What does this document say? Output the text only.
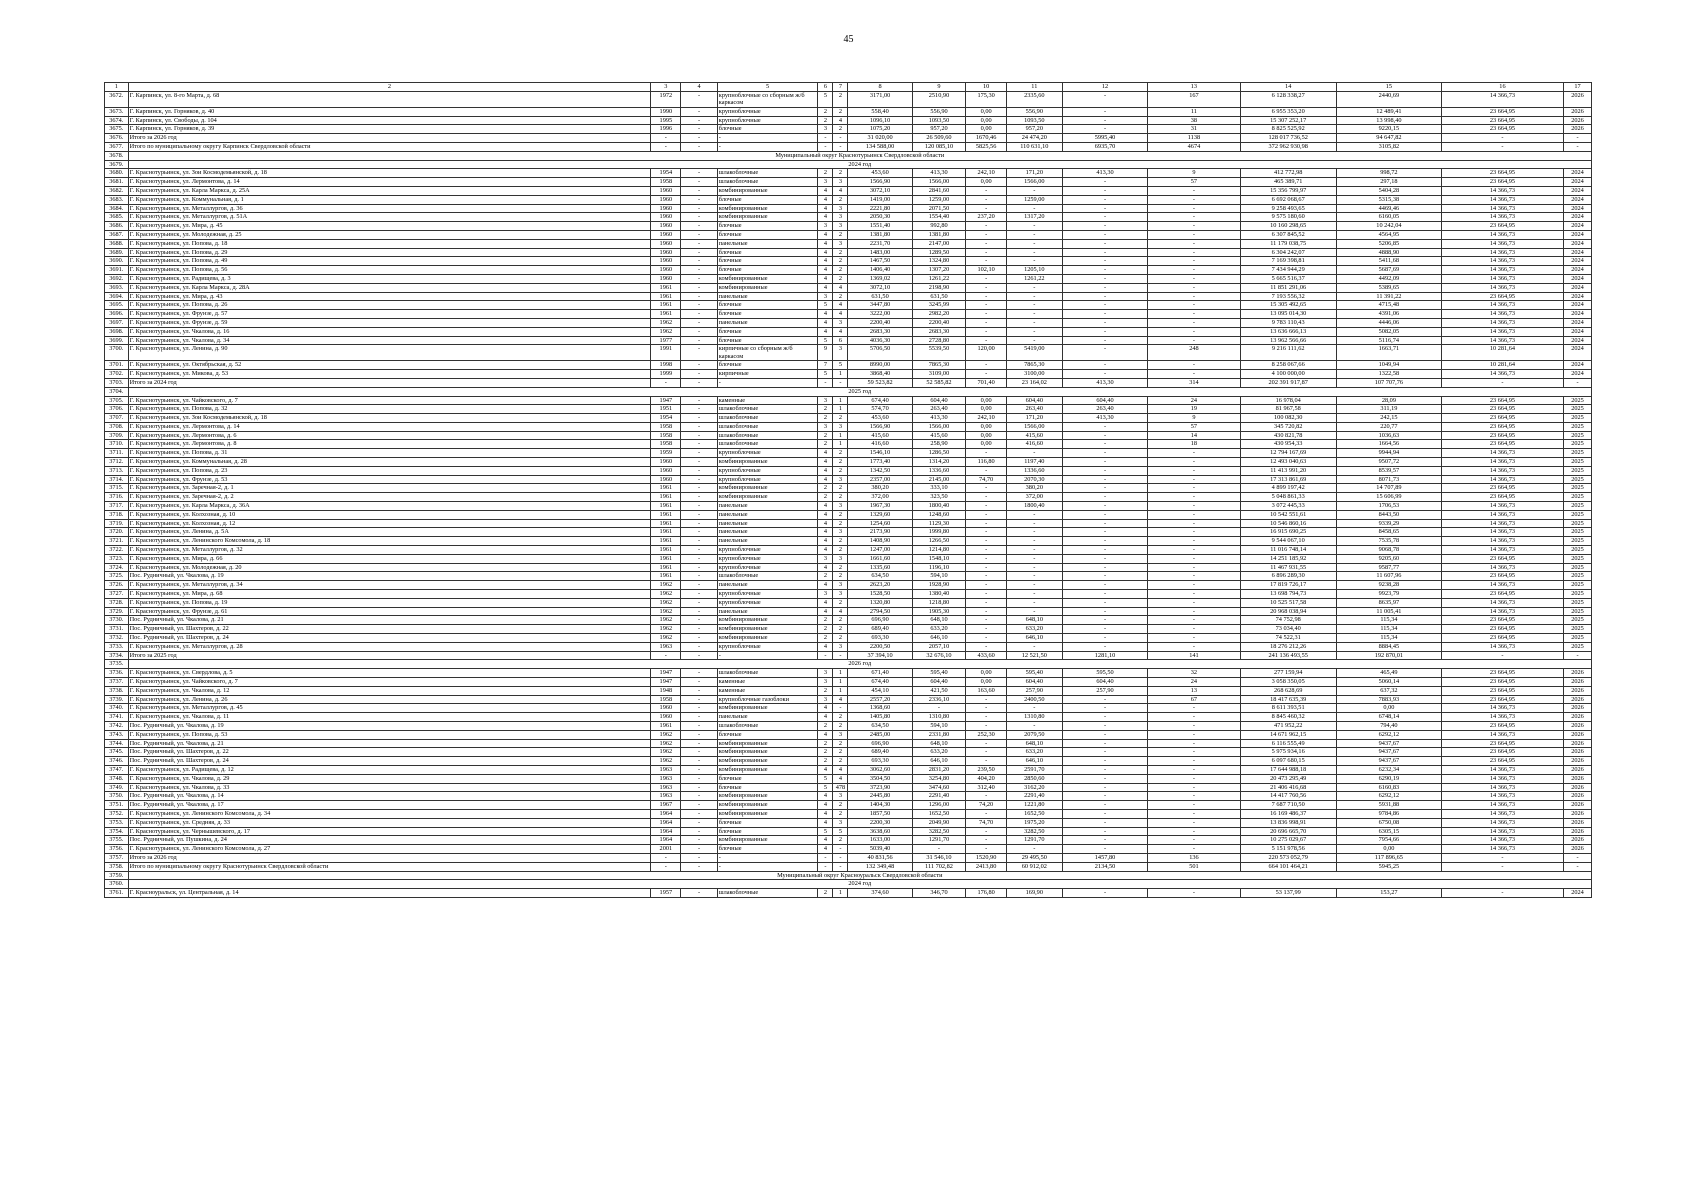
45
1	2	3	4	5	6	7	8	9	10	11	12	13	14	15	16	17
3672.	Г. Карпинск, ул. 8-го Марта, д. 68	1972	-	крупноблочные со сборным ж/б каркасом	5	2	3171,00	2510,90	175,30	2335,60	-	167	6 128 338,27	2440,69	14 366,73	2026
3673.	Г. Карпинск, ул. Горняков, д. 40	1990	-	крупноблочные	2	2	558,40	556,90	0,00	556,90	-	11	6 955 353,20	12 489,41	23 664,95	2026
3674.	Г. Карпинск, ул. Свободы, д. 104	1995	-	крупноблочные	2	4	1096,10	1093,50	0,00	1093,50	-	38	15 307 252,17	13 998,40	23 664,95	2026
3675.	Г. Карпинск, ул. Горняков, д. 39	1996	-	блочные	3	2	1075,20	957,20	0,00	957,20	-	31	8 825 525,92	9220,15	23 664,95	2026
3676.	Итого за 2026 год	-	-	-	-	-	31 020,00	26 509,60	1670,46	24 474,20	5995,40	1138	128 017 736,52	94 647,82	-	-
3677.	Итого по муниципальному округу Карпинск Свердловской области	-	-	-	-	-	134 588,00	120 085,10	5825,56	110 631,10	6935,70	4674	372 962 930,98	3105,82	-	-
3678.	Муниципальный округ Краснотурьинск Свердловской области															
3679.	2024 год															
3680.	Г. Краснотурьинск, ул. Зои Космодемьянской, д. 18	1954	-	шлакоблочные	2	2	453,60	413,30	242,10	171,20	413,30	9	412 772,98	998,72	23 664,95	2024
3681.	Г. Краснотурьинск, ул. Лермонтова, д. 14	1958	-	шлакоблочные	3	3	1566,90	1566,00	0,00	1566,00	-	57	465 389,71	297,18	23 664,95	2024
3682.	Г. Краснотурьинск, ул. Карла Маркса, д. 25А	1960	-	комбинированные	4	4	3072,10	2841,60	-	-	-	-	15 356 799,97	5404,28	14 366,73	2024
3683.	Г. Краснотурьинск, ул. Коммунальная, д. 1	1960	-	блочные	4	2	1419,00	1259,00	-	1259,00	-	-	6 692 068,67	5315,38	14 366,73	2024
3684.	Г. Краснотурьинск, ул. Металлургов, д. 36	1960	-	комбинированные	4	3	2221,80	2071,50	-	-	-	-	9 258 493,65	4469,46	14 366,73	2024
3685.	Г. Краснотурьинск, ул. Металлургов, д. 51А	1960	-	комбинированные	4	3	2050,30	1554,40	237,20	1317,20	-	-	9 575 180,60	6160,05	14 366,73	2024
3686.	Г. Краснотурьинск, ул. Мира, д. 45	1960	-	блочные	3	3	1551,40	992,80	-	-	-	-	10 160 298,65	10 242,04	23 664,95	2024
3687.	Г. Краснотурьинск, ул. Молодежная, д. 25	1960	-	блочные	4	2	1381,80	1381,80	-	-	-	-	6 307 845,52	4564,95	14 366,73	2024
3688.	Г. Краснотурьинск, ул. Попова, д. 18	1960	-	панельные	4	3	2231,70	2147,00	-	-	-	-	11 179 038,75	5206,85	14 366,73	2024
3689.	Г. Краснотурьинск, ул. Попова, д. 29	1960	-	блочные	4	2	1483,00	1289,50	-	-	-	-	6 304 242,07	4888,90	14 366,73	2024
3690.	Г. Краснотурьинск, ул. Попова, д. 49	1960	-	блочные	4	2	1467,50	1324,80	-	-	-	-	7 169 398,81	5411,68	14 366,73	2024
3691.	Г. Краснотурьинск, ул. Попова, д. 56	1960	-	блочные	4	2	1406,40	1307,20	102,10	1205,10	-	-	7 434 944,29	5687,69	14 366,73	2024
3692.	Г. Краснотурьинск, ул. Радищева, д. 3	1960	-	комбинированные	4	2	1369,02	1261,22	-	1261,22	-	-	5 665 516,37	4492,09	14 366,73	2024
3693.	Г. Краснотурьинск, ул. Карла Маркса, д. 28А	1961	-	комбинированные	4	4	3072,10	2198,90	-	-	-	-	11 851 291,06	5389,65	14 366,73	2024
3694.	Г. Краснотурьинск, ул. Мира, д. 43	1961	-	панельные	3	2	631,50	631,50	-	-	-	-	7 193 556,32	11 391,22	23 664,95	2024
3695.	Г. Краснотурьинск, ул. Попова, д. 26	1961	-	блочные	5	4	3447,80	3245,99	-	-	-	-	15 305 492,65	4715,48	14 366,73	2024
3696.	Г. Краснотурьинск, ул. Фрунзе, д. 57	1961	-	блочные	4	4	3222,00	2982,20	-	-	-	-	13 095 014,30	4391,06	14 366,73	2024
3697.	Г. Краснотурьинск, ул. Фрунзе, д. 59	1962	-	панельные	4	3	2200,40	2200,40	-	-	-	-	9 783 110,43	4446,06	14 366,73	2024
3698.	Г. Краснотурьинск, ул. Чкалова, д. 16	1962	-	блочные	4	4	2683,30	2683,30	-	-	-	-	13 636 666,13	5082,05	14 366,73	2024
3699.	Г. Краснотурьинск, ул. Чкалова, д. 34	1977	-	блочные	5	6	4036,30	2728,80	-	-	-	-	13 962 566,66	5116,74	14 366,73	2024
3700.	Г. Краснотурьинск, ул. Ленина, д. 90	1991	-	кирпичные со сборным ж/б каркасом	9	3	5706,50	5539,50	120,00	5419,00	-	248	9 216 111,62	1663,71	10 281,64	2024
3701.	Г. Краснотурьинск, ул. Октябрьская, д. 52	1998	-	блочные	7	5	8990,00	7865,30	-	7865,30	-	-	8 258 067,66	1049,94	10 281,64	2024
3702.	Г. Краснотурьинск, ул. Микова, д. 53	1999	-	кирпичные	5	1	3868,40	3109,00	-	3100,00	-	-	4 100 000,00	1322,58	14 366,73	2024
3703.	Итого за 2024 год	-	-	-	-	-	59 523,82	52 585,82	701,40	23 164,02	413,30	314	202 391 917,87	107 707,76	-	-
3704.	2025 год															
3705.	Г. Краснотурьинск, ул. Чайковского, д. 7	1947	-	каменные	3	1	674,40	604,40	0,00	604,40	604,40	24	16 978,04	28,09	23 664,95	2025
3706.	Г. Краснотурьинск, ул. Попова, д. 32	1951	-	шлакоблочные	2	1	574,70	263,40	0,00	263,40	263,40	19	81 967,58	311,19	23 664,95	2025
3707.	Г. Краснотурьинск, ул. Зои Космодемьянской, д. 18	1954	-	шлакоблочные	2	2	453,60	413,30	242,10	171,20	413,30	9	100 082,30	242,15	23 664,95	2025
3708.	Г. Краснотурьинск, ул. Лермонтова, д. 14	1958	-	шлакоблочные	3	3	1566,90	1566,00	0,00	1566,00	-	57	345 720,82	220,77	23 664,95	2025
3709.	Г. Краснотурьинск, ул. Лермонтова, д. 6	1958	-	шлакоблочные	2	1	415,60	415,60	0,00	415,60	-	14	430 821,78	1036,63	23 664,95	2025
3710.	Г. Краснотурьинск, ул. Лермонтова, д. 8	1958	-	шлакоблочные	2	1	416,60	258,90	0,00	416,60	-	18	430 954,33	1664,56	23 664,95	2025
3711.	Г. Краснотурьинск, ул. Попова, д. 31	1959	-	крупноблочные	4	2	1546,10	1286,50	-	-	-	-	12 794 167,69	9944,94	14 366,73	2025
3712.	Г. Краснотурьинск, ул. Коммунальная, д. 28	1960	-	комбинированные	4	2	1773,40	1314,20	116,80	1197,40	-	-	12 493 040,63	9507,72	14 366,73	2025
3713.	Г. Краснотурьинск, ул. Попова, д. 23	1960	-	крупноблочные	4	2	1342,50	1336,60	-	1336,60	-	-	11 413 991,20	8539,57	14 366,73	2025
3714.	Г. Краснотурьинск, ул. Фрунзе, д. 53	1960	-	крупноблочные	4	3	2357,00	2145,00	74,70	2070,30	-	-	17 313 861,69	8071,73	14 366,73	2025
3715.	Г. Краснотурьинск, ул. Заречная-2, д. 1	1961	-	комбинированные	2	2	380,20	333,10	-	380,20	-	-	4 899 197,42	14 707,89	23 664,95	2025
3716.	Г. Краснотурьинск, ул. Заречная-2, д. 2	1961	-	комбинированные	2	2	372,00	323,50	-	372,00	-	-	5 048 861,33	15 606,99	23 664,95	2025
3717.	Г. Краснотурьинск, ул. Карла Маркса, д. 36А	1961	-	панельные	4	3	1967,30	1800,40	-	1800,40	-	-	3 072 445,33	1706,53	14 366,73	2025
3718.	Г. Краснотурьинск, ул. Колхозная, д. 10	1961	-	панельные	4	2	1329,60	1248,60	-	-	-	-	10 542 551,61	8443,50	14 366,73	2025
3719.	Г. Краснотурьинск, ул. Колхозная, д. 12	1961	-	панельные	4	2	1254,60	1129,30	-	-	-	-	10 546 860,16	9339,29	14 366,73	2025
3720.	Г. Краснотурьинск, ул. Ленина, д. 5А	1961	-	панельные	4	3	2173,90	1999,80	-	-	-	-	16 915 690,25	8458,65	14 366,73	2025
3721.	Г. Краснотурьинск, ул. Ленинского Комсомола, д. 18	1961	-	панельные	4	2	1408,90	1266,50	-	-	-	-	9 544 067,10	7535,78	14 366,73	2025
3722.	Г. Краснотурьинск, ул. Металлургов, д. 32	1961	-	крупноблочные	4	2	1247,00	1214,80	-	-	-	-	11 016 748,14	9068,78	14 366,73	2025
3723.	Г. Краснотурьинск, ул. Мира, д. 66	1961	-	крупноблочные	3	3	1661,60	1548,10	-	-	-	-	14 251 185,92	9205,60	23 664,95	2025
3724.	Г. Краснотурьинск, ул. Молодежная, д. 20	1961	-	крупноблочные	4	2	1335,60	1196,10	-	-	-	-	11 467 931,55	9587,77	14 366,73	2025
3725.	Пос. Рудничный, ул. Чкалова, д. 19	1961	-	шлакоблочные	2	2	634,50	594,10	-	-	-	-	6 896 289,30	11 607,96	23 664,95	2025
3726.	Г. Краснотурьинск, ул. Металлургов, д. 34	1962	-	панельные	4	3	2623,20	1928,90	-	-	-	-	17 819 726,17	9238,28	14 366,73	2025
3727.	Г. Краснотурьинск, ул. Мира, д. 68	1962	-	крупноблочные	3	3	1528,50	1380,40	-	-	-	-	13 698 794,73	9923,79	23 664,95	2025
3728.	Г. Краснотурьинск, ул. Попова, д. 19	1962	-	крупноблочные	4	2	1320,80	1218,80	-	-	-	-	10 525 517,58	8635,97	14 366,73	2025
3729.	Г. Краснотурьинск, ул. Фрунзе, д. 61	1962	-	панельные	4	4	2794,50	1905,30	-	-	-	-	20 968 038,94	11 005,41	14 366,73	2025
3730.	Пос. Рудничный, ул. Чкалова, д. 21	1962	-	комбинированные	2	2	696,90	648,10	-	648,10	-	-	74 752,98	115,34	23 664,95	2025
3731.	Пос. Рудничный, ул. Шахтеров, д. 22	1962	-	комбинированные	2	2	689,40	633,20	-	633,20	-	-	73 034,40	115,34	23 664,95	2025
3732.	Пос. Рудничный, ул. Шахтеров, д. 24	1962	-	комбинированные	2	2	693,30	646,10	-	646,10	-	-	74 522,31	115,34	23 664,95	2025
3733.	Г. Краснотурьинск, ул. Металлургов, д. 28	1963	-	крупноблочные	4	3	2200,50	2057,10	-	-	-	-	18 276 212,26	8884,45	14 366,73	2025
3734.	Итого за 2025 год	-	-	-	-	-	37 394,10	32 676,10	433,60	12 521,50	1281,10	141	241 136 493,55	192 870,01	-	-
3735.	2026 год															
3736.	Г. Краснотурьинск, ул. Свердлова, д. 5	1947	-	шлакоблочные	3	1	671,40	595,40	0,00	595,40	595,50	32	277 159,94	465,49	23 664,95	2026
3737.	Г. Краснотурьинск, ул. Чайковского, д. 7	1947	-	каменные	3	1	674,40	604,40	0,00	604,40	604,40	24	3 058 350,05	5060,14	23 664,95	2026
3738.	Г. Краснотурьинск, ул. Чкалова, д. 12	1948	-	каменные	2	1	454,10	421,50	163,60	257,90	257,90	13	268 628,69	637,32	23 664,95	2026
3739.	Г. Краснотурьинск, ул. Ленина, д. 26	1958	-	крупноблочные газоблоки	3	4	2557,20	2336,10	-	2400,50	-	67	18 417 635,39	7883,93	23 664,95	2026
3740.	Г. Краснотурьинск, ул. Металлургов, д. 45	1960	-	комбинированные	4	-	1368,60	-	-	-	-	-	8 611 393,51	0,00	14 366,73	2026
3741.	Г. Краснотурьинск, ул. Чкалова, д. 11	1960	-	панельные	4	2	1405,80	1310,80	-	1310,80	-	-	8 845 460,32	6748,14	14 366,73	2026
3742.	Пос. Рудничный, ул. Чкалова, д. 19	1961	-	шлакоблочные	2	2	634,50	594,10	-	-	-	-	471 952,22	794,40	23 664,95	2026
3743.	Г. Краснотурьинск, ул. Попова, д. 53	1962	-	блочные	4	3	2485,00	2331,80	252,30	2079,50	-	-	14 671 962,15	6292,12	14 366,73	2026
3744.	Пос. Рудничный, ул. Чкалова, д. 21	1962	-	комбинированные	2	2	696,90	648,10	-	648,10	-	-	6 116 555,49	9437,67	23 664,95	2026
3745.	Пос. Рудничный, ул. Шахтеров, д. 22	1962	-	комбинированные	2	2	689,40	633,20	-	633,20	-	-	5 975 934,16	9437,67	23 664,95	2026
3746.	Пос. Рудничный, ул. Шахтеров, д. 24	1962	-	комбинированные	2	2	693,30	646,10	-	646,10	-	-	6 097 680,15	9437,67	23 664,95	2026
3747.	Г. Краснотурьинск, ул. Радищева, д. 12	1963	-	комбинированные	4	4	3062,60	2831,20	239,50	2591,70	-	-	17 644 988,18	6232,34	14 366,73	2026
3748.	Г. Краснотурьинск, ул. Чкалова, д. 29	1963	-	блочные	5	4	3504,50	3254,80	404,20	2850,60	-	-	20 473 295,49	6290,19	14 366,73	2026
3749.	Г. Краснотурьинск, ул. Чкалова, д. 33	1963	-	блочные	5	478	3723,90	3474,60	312,40	3162,20	-	-	21 406 416,68	6160,83	14 366,73	2026
3750.	Пос. Рудничный, ул. Чкалова, д. 14	1963	-	комбинированные	4	3	2445,80	2291,40	-	2291,40	-	-	14 417 760,56	6292,12	14 366,73	2026
3751.	Пос. Рудничный, ул. Чкалова, д. 17	1967	-	комбинированные	4	2	1404,30	1296,00	74,20	1221,80	-	-	7 687 710,50	5931,88	14 366,73	2026
3752.	Г. Краснотурьинск, ул. Ленинского Комсомола, д. 34	1964	-	комбинированные	4	2	1857,50	1652,50	-	1652,50	-	-	16 169 486,37	9784,86	14 366,73	2026
3753.	Г. Краснотурьинск, ул. Средняя, д. 33	1964	-	блочные	4	3	2200,30	2049,90	74,70	1975,20	-	-	13 836 998,91	6750,08	14 366,73	2026
3754.	Г. Краснотурьинск, ул. Чернышевского, д. 17	1964	-	блочные	5	5	3638,60	3282,50	-	3282,50	-	-	20 696 665,70	6305,15	14 366,73	2026
3755.	Пос. Рудничный, ул. Пушкина, д. 24	1964	-	комбинированные	4	2	1633,00	1291,70	-	1291,70	-	-	10 275 029,67	7954,66	14 366,73	2026
3756.	Г. Краснотурьинск, ул. Ленинского Комсомола, д. 27	2001	-	блочные	4	-	5039,40	-	-	-	-	-	5 151 978,56	0,00	14 366,73	2026
3757.	Итого за 2026 год	-	-	-	-	-	40 831,56	31 546,10	1520,90	29 495,50	1457,80	136	220 573 052,79	117 896,65	-	-
3758.	Итого по муниципальному округу Краснотурьинск Свердловской области	-	-	-	-	-	132 349,48	111 702,82	2413,80	60 912,02	2134,50	501	664 101 464,21	5945,25	-	-
3759.	Муниципальный округ Красноуральск Свердловской области															
3760.	2024 год															
3761.	Г. Красноуральск, ул. Центральная, д. 14	1957	-	шлакоблочные	2	1	374,60	346,70	176,80	169,90	-	-	53 137,99	153,27	-	2024
